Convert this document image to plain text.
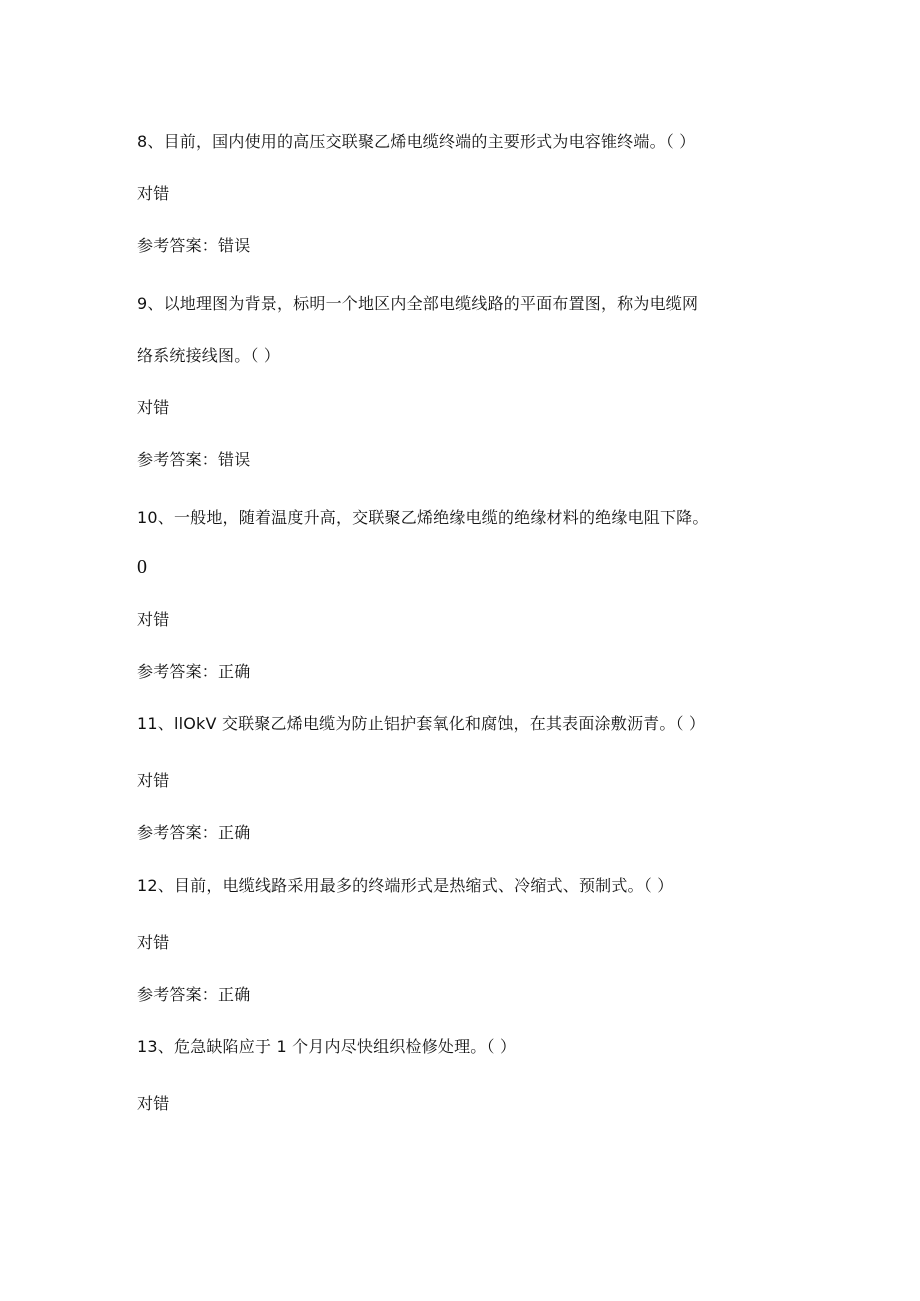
8、目前，国内使用的高压交联聚乙烯电缆终端的主要形式为电容锥终端。（ ）
对错
参考答案：错误
9、以地理图为背景，标明一个地区内全部电缆线路的平面布置图，称为电缆网
络系统接线图。（ ）
对错
参考答案：错误
10、一般地，随着温度升高，交联聚乙烯绝缘电缆的绝缘材料的绝缘电阻下降。
0
对错
参考答案：正确
11、llOkV 交联聚乙烯电缆为防止铝护套氧化和腐蚀，在其表面涂敷沥青。（ ）
对错
参考答案：正确
12、目前，电缆线路采用最多的终端形式是热缩式、冷缩式、预制式。（ ）
对错
参考答案：正确
13、危急缺陷应于 1 个月内尽快组织检修处理。（ ）
对错
